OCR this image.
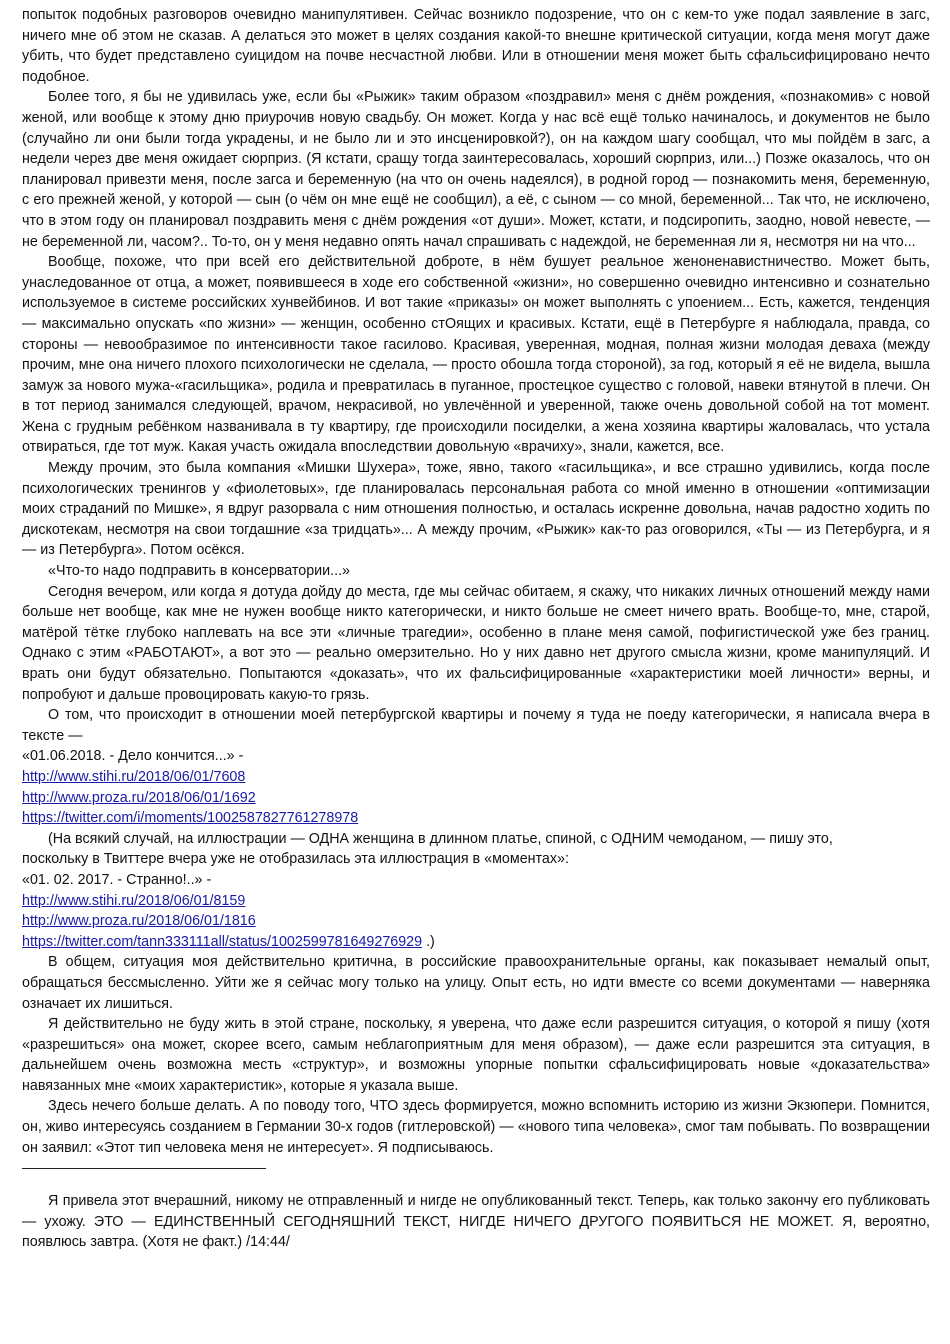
попыток подобных разговоров очевидно манипулятивен. Сейчас возникло подозрение, что он с кем-то уже подал заявление в загс, ничего мне об этом не сказав. А делаться это может в целях создания какой-то внешне критической ситуации, когда меня могут даже убить, что будет представлено суицидом на почве несчастной любви. Или в отношении меня может быть сфальсифицировано нечто подобное.

Более того, я бы не удивилась уже, если бы «Рыжик» таким образом «поздравил» меня с днём рождения, «познакомив» с новой женой, или вообще к этому дню приурочив новую свадьбу. Он может. Когда у нас всё ещё только начиналось, и документов не было (случайно ли они были тогда украдены, и не было ли и это инсценировкой?), он на каждом шагу сообщал, что мы пойдём в загс, а недели через две меня ожидает сюрприз. (Я кстати, сращу тогда заинтересовалась, хороший сюрприз, или...) Позже оказалось, что он планировал привезти меня, после загса и беременную (на что он очень надеялся), в родной город — познакомить меня, беременную, с его прежней женой, у которой — сын (о чём он мне ещё не сообщил), а её, с сыном — со мной, беременной... Так что, не исключено, что в этом году он планировал поздравить меня с днём рождения «от души». Может, кстати, и подсиропить, заодно, новой невесте, — не беременной ли, часом?.. То-то, он у меня недавно опять начал спрашивать с надеждой, не беременная ли я, несмотря ни на что...

Вообще, похоже, что при всей его действительной доброте, в нём бушует реальное женоненавистничество. Может быть, унаследованное от отца, а может, появившееся в ходе его собственной «жизни», но совершенно очевидно интенсивно и сознательно используемое в системе российских хунвейбинов. И вот такие «приказы» он может выполнять с упоением... Есть, кажется, тенденция — максимально опускать «по жизни» — женщин, особенно стОящих и красивых. Кстати, ещё в Петербурге я наблюдала, правда, со стороны — невообразимое по интенсивности такое гасилово. Красивая, уверенная, модная, полная жизни молодая деваха (между прочим, мне она ничего плохого психологически не сделала, — просто обошла тогда стороной), за год, который я её не видела, вышла замуж за нового мужа-«гасильщика», родила и превратилась в пуганное, простецкое существо с головой, навеки втянутой в плечи. Он в тот период занимался следующей, врачом, некрасивой, но увлечённой и уверенной, также очень довольной собой на тот момент. Жена с грудным ребёнком названивала в ту квартиру, где происходили посиделки, а жена хозяина квартиры жаловалась, что устала отвираться, где тот муж. Какая участь ожидала впоследствии довольную «врачиху», знали, кажется, все.

Между прочим, это была компания «Мишки Шухера», тоже, явно, такого «гасильщика», и все страшно удивились, когда после психологических тренингов у «фиолетовых», где планировалась персональная работа со мной именно в отношении «оптимизации моих страданий по Мишке», я вдруг разорвала с ним отношения полностью, и осталась искренне довольна, начав радостно ходить по дискотекам, несмотря на свои тогдашние «за тридцать»... А между прочим, «Рыжик» как-то раз оговорился, «Ты — из Петербурга, и я — из Петербурга». Потом осёкся.

«Что-то надо подправить в консерватории...»

Сегодня вечером, или когда я дотуда дойду до места, где мы сейчас обитаем, я скажу, что никаких личных отношений между нами больше нет вообще, как мне не нужен вообще никто категорически, и никто больше не смеет ничего врать. Вообще-то, мне, старой, матёрой тётке глубоко наплевать на все эти «личные трагедии», особенно в плане меня самой, пофигистической уже без границ. Однако с этим «РАБОТАЮТ», а вот это — реально омерзительно. Но у них давно нет другого смысла жизни, кроме манипуляций. И врать они будут обязательно. Попытаются «доказать», что их фальсифицированные «характеристики моей личности» верны, и попробуют и дальше провоцировать какую-то грязь.

О том, что происходит в отношении моей петербургской квартиры и почему я туда не поеду категорически, я написала вчера в тексте —

«01.06.2018. - Дело кончится...» -

http://www.stihi.ru/2018/06/01/7608

http://www.proza.ru/2018/06/01/1692

https://twitter.com/i/moments/1002587827761278978

(На всякий случай, на иллюстрации — ОДНА женщина в длинном платье, спиной, с ОДНИМ чемоданом, — пишу это,

поскольку в Твиттере вчера уже не отобразилась эта иллюстрация в «моментах»:

«01. 02. 2017. - Странно!..» -

http://www.stihi.ru/2018/06/01/8159

http://www.proza.ru/2018/06/01/1816

https://twitter.com/tann333111all/status/1002599781649276929 .)

В общем, ситуация моя действительно критична, в российские правоохранительные органы, как показывает немалый опыт, обращаться бессмысленно. Уйти же я сейчас могу только на улицу. Опыт есть, но идти вместе со всеми документами — наверняка означает их лишиться.

Я действительно не буду жить в этой стране, поскольку, я уверена, что даже если разрешится ситуация, о которой я пишу (хотя «разрешиться» она может, скорее всего, самым неблагоприятным для меня образом), — даже если разрешится эта ситуация, в дальнейшем очень возможна месть «структур», и возможны упорные попытки сфальсифицировать новые «доказательства» навязанных мне «моих характеристик», которые я указала выше.

Здесь нечего больше делать. А по поводу того, ЧТО здесь формируется, можно вспомнить историю из жизни Экзюпери. Помнится, он, живо интересуясь созданием в Германии 30-х годов (гитлеровской) — «нового типа человека», смог там побывать. По возвращении он заявил: «Этот тип человека меня не интересует». Я подписываюсь.

Я привела этот вчерашний, никому не отправленный и нигде не опубликованный текст. Теперь, как только закончу его публиковать — ухожу. ЭТО — ЕДИНСТВЕННЫЙ СЕГОДНЯШНИЙ ТЕКСТ, НИГДЕ НИЧЕГО ДРУГОГО ПОЯВИТЬСЯ НЕ МОЖЕТ. Я, вероятно, появлюсь завтра. (Хотя не факт.) /14:44/
